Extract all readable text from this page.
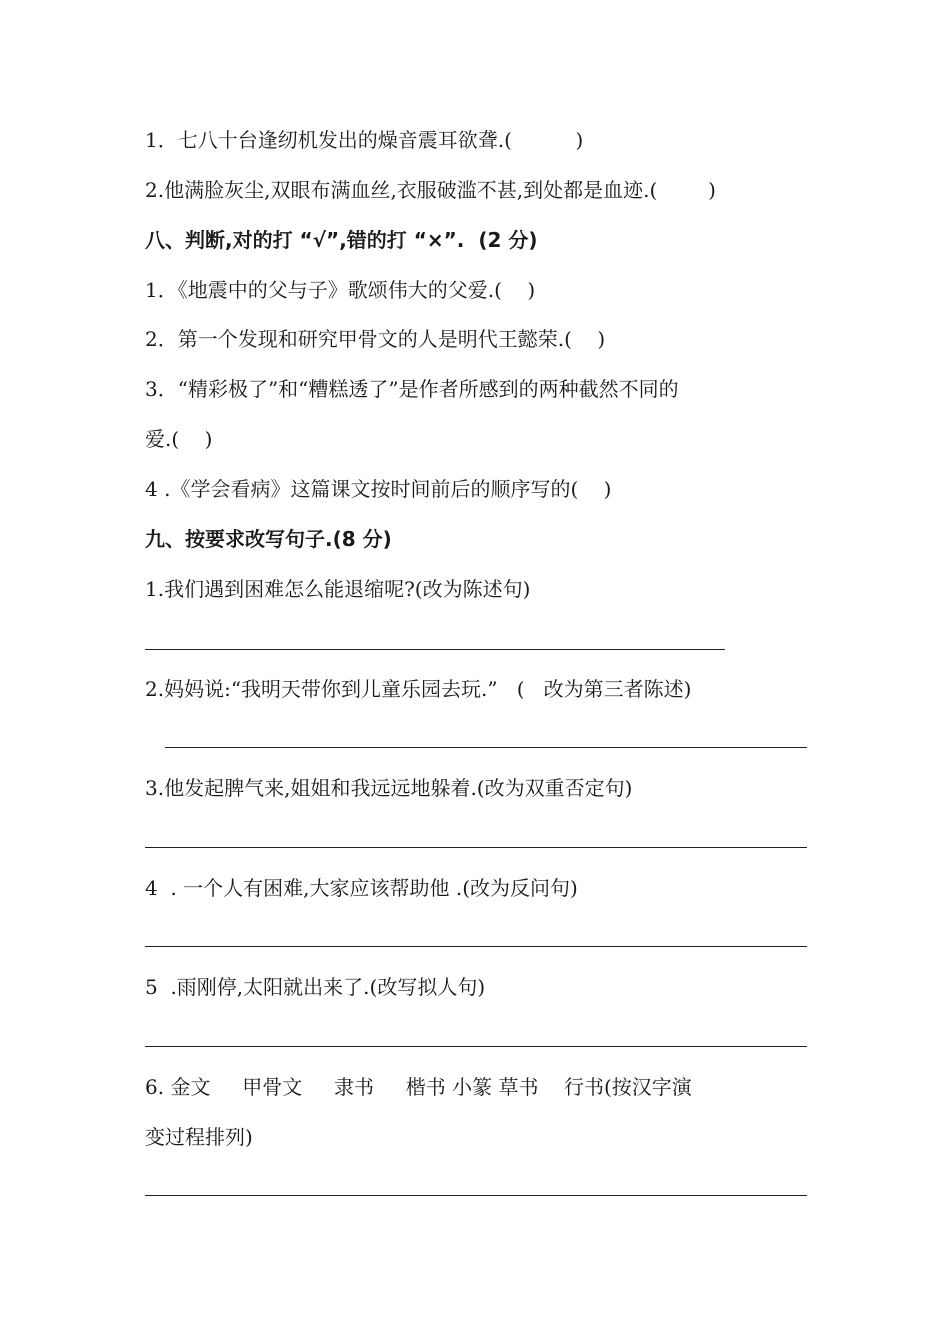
1．七八十台逢纫机发出的燥音震耳欲聋.(          )
2.他满脸灰尘,双眼布满血丝,衣服破滥不甚,到处都是血迹.(        )
八、判断,对的打 “√”,错的打 “×”.  (2 分)
1．《地震中的父与子》歌颂伟大的父爱.(    )
2．第一个发现和研究甲骨文的人是明代王懿荣.(    )
3．“精彩极了”和“糟糕透了”是作者所感到的两种截然不同的
爱.(    )
4 .《学会看病》这篇课文按时间前后的顺序写的(    )
九、按要求改写句子.(8 分)
1.我们遇到困难怎么能退缩呢?(改为陈述句)
2.妈妈说:“我明天带你到儿童乐园去玩.”   (   改为第三者陈述)
3.他发起脾气来,姐姐和我远远地躲着.(改为双重否定句)
4  . 一个人有困难,大家应该帮助他 .(改为反问句)
5  .雨刚停,太阳就出来了.(改写拟人句)
6. 金文     甲骨文     隶书     楷书 小篆 草书    行书(按汉字演
变过程排列)
